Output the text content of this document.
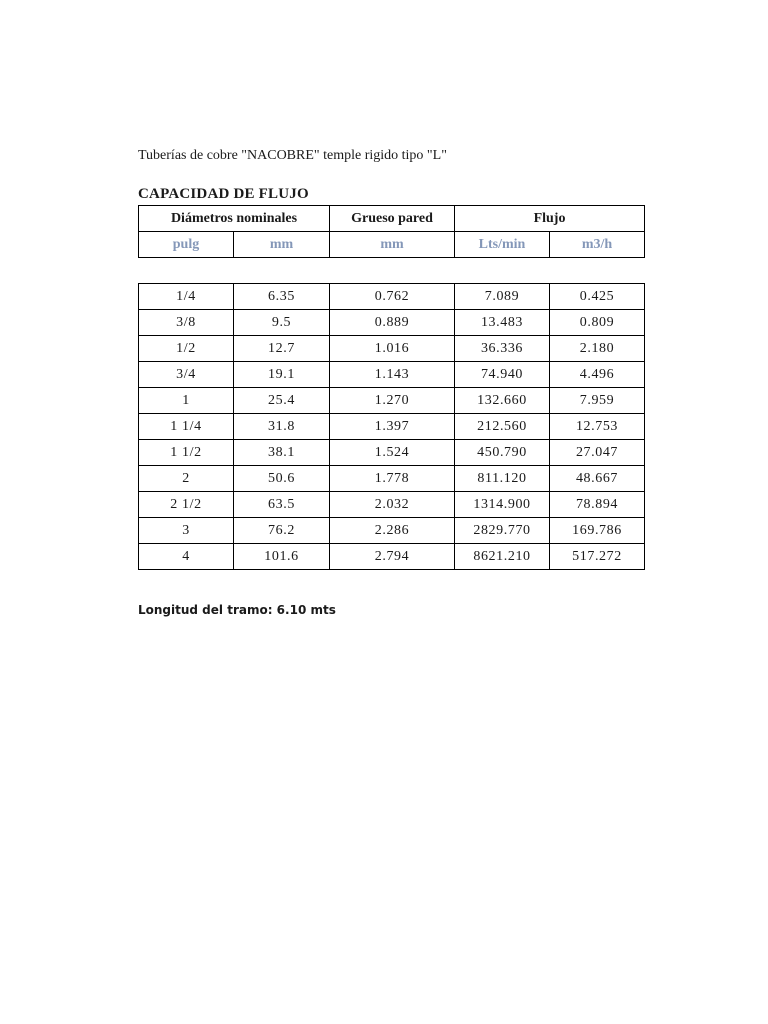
Tuberías de cobre "NACOBRE" temple rigido tipo "L"
CAPACIDAD DE FLUJO
Diámetros nominales		Grueso pared	Flujo	
pulg	mm	mm	Lts/min	m3/h
1/4	6.35	0.762	7.089	0.425
3/8	9.5	0.889	13.483	0.809
1/2	12.7	1.016	36.336	2.180
3/4	19.1	1.143	74.940	4.496
1	25.4	1.270	132.660	7.959
1 1/4	31.8	1.397	212.560	12.753
1 1/2	38.1	1.524	450.790	27.047
2	50.6	1.778	811.120	48.667
2 1/2	63.5	2.032	1314.900	78.894
3	76.2	2.286	2829.770	169.786
4	101.6	2.794	8621.210	517.272
Longitud del tramo: 6.10 mts
